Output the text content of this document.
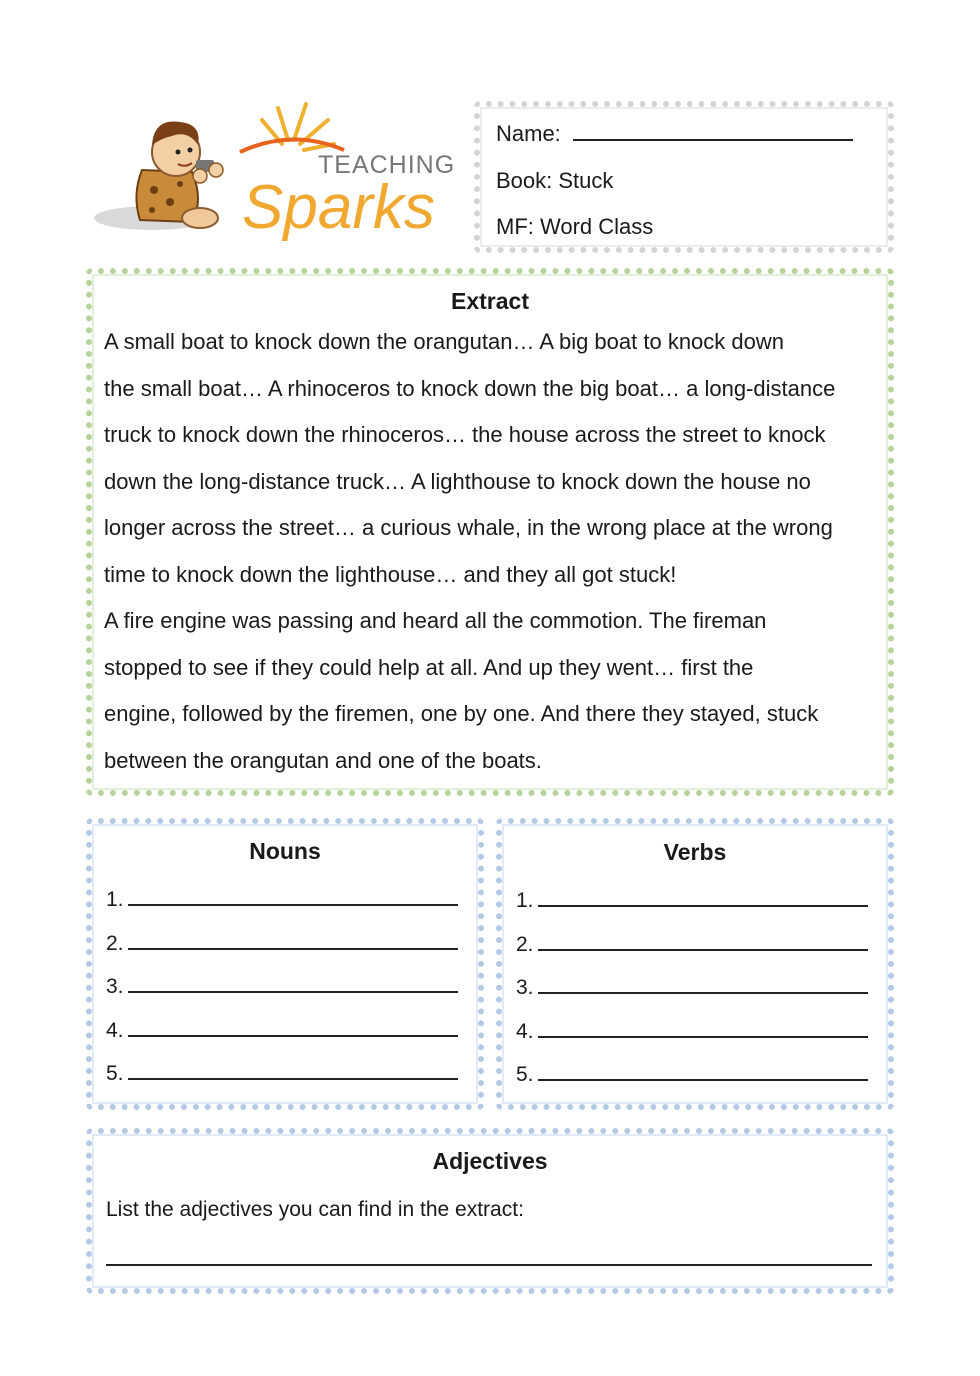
TEACHING
Sparks
Name:
Book: Stuck
MF: Word Class

Extract

A small boat to knock down the orangutan… A big boat to knock down

the small boat… A rhinoceros to knock down the big boat… a long-distance

truck to knock down the rhinoceros… the house across the street to knock

down the long-distance truck… A lighthouse to knock down the house no

longer across the street… a curious whale, in the wrong place at the wrong

time to knock down the lighthouse… and they all got stuck!

A fire engine was passing and heard all the commotion. The fireman

stopped to see if they could help at all. And up they went… first the

engine, followed by the firemen, one by one. And there they stayed, stuck

between the orangutan and one of the boats.

Nouns

1.
2.
3.
4.
5.

Verbs

1.
2.
3.
4.
5.

Adjectives

List the adjectives you can find in the extract:
